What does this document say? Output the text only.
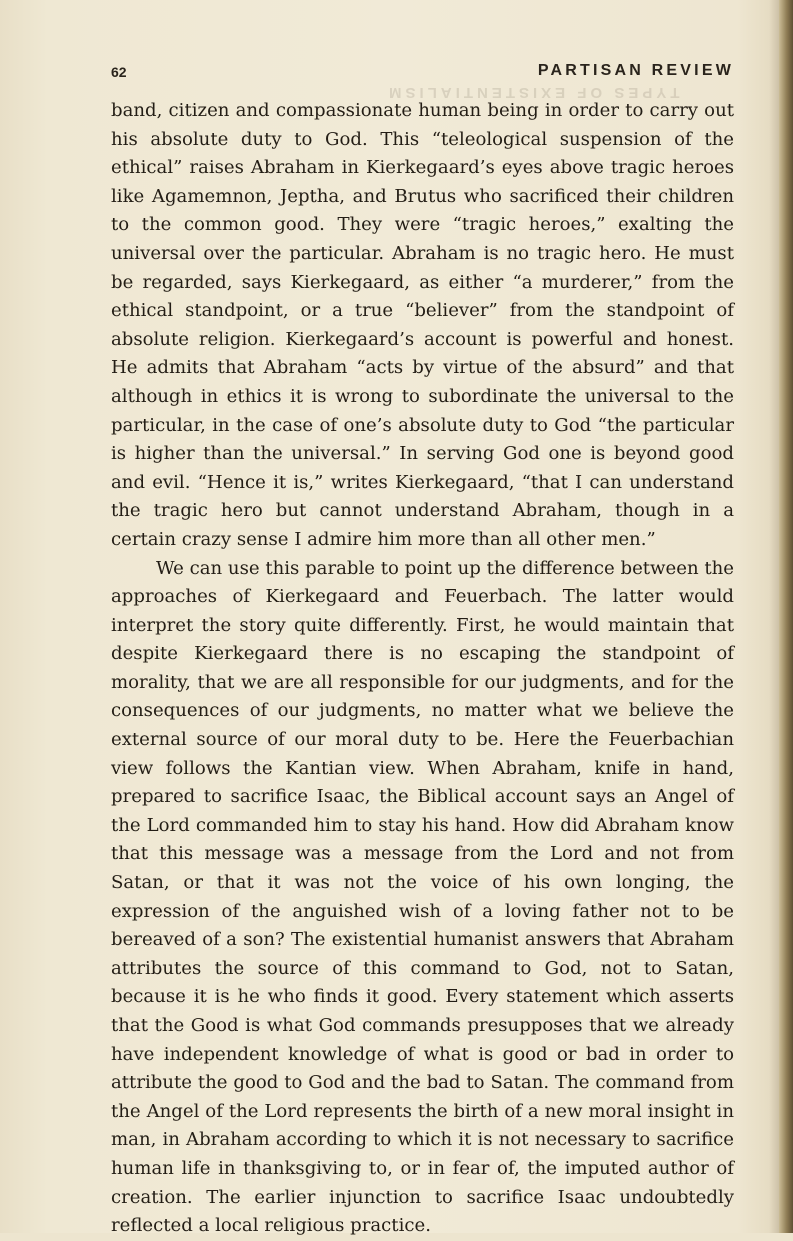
TYPES OF EXISTENTIALISM
62	PARTISAN REVIEW

band, citizen and compassionate human being in order to carry out his absolute duty to God. This “teleological suspension of the ethical” raises Abraham in Kierkegaard’s eyes above tragic heroes like Agamemnon, Jeptha, and Brutus who sacrificed their children to the common good. They were “tragic heroes,” exalting the universal over the particular. Abraham is no tragic hero. He must be regarded, says Kierkegaard, as either “a murderer,” from the ethical standpoint, or a true “believer” from the standpoint of absolute religion. Kierkegaard’s account is powerful and honest. He admits that Abraham “acts by virtue of the absurd” and that although in ethics it is wrong to subordinate the universal to the particular, in the case of one’s absolute duty to God “the particular is higher than the universal.” In serving God one is beyond good and evil. “Hence it is,” writes Kierkegaard, “that I can understand the tragic hero but cannot understand Abraham, though in a certain crazy sense I admire him more than all other men.”

We can use this parable to point up the difference between the approaches of Kierkegaard and Feuerbach. The latter would interpret the story quite differently. First, he would maintain that despite Kierkegaard there is no escaping the standpoint of morality, that we are all responsible for our judgments, and for the consequences of our judgments, no matter what we believe the external source of our moral duty to be. Here the Feuerbachian view follows the Kantian view. When Abraham, knife in hand, prepared to sacrifice Isaac, the Biblical account says an Angel of the Lord commanded him to stay his hand. How did Abraham know that this message was a message from the Lord and not from Satan, or that it was not the voice of his own longing, the expression of the anguished wish of a loving father not to be bereaved of a son? The existential humanist answers that Abraham attributes the source of this command to God, not to Satan, because it is he who finds it good. Every statement which asserts that the Good is what God commands presupposes that we already have independent knowledge of what is good or bad in order to attribute the good to God and the bad to Satan. The command from the Angel of the Lord represents the birth of a new moral insight in man, in Abraham according to which it is not necessary to sacrifice human life in thanksgiving to, or in fear of, the imputed author of creation. The earlier injunction to sacrifice Isaac undoubtedly reflected a local religious practice.
